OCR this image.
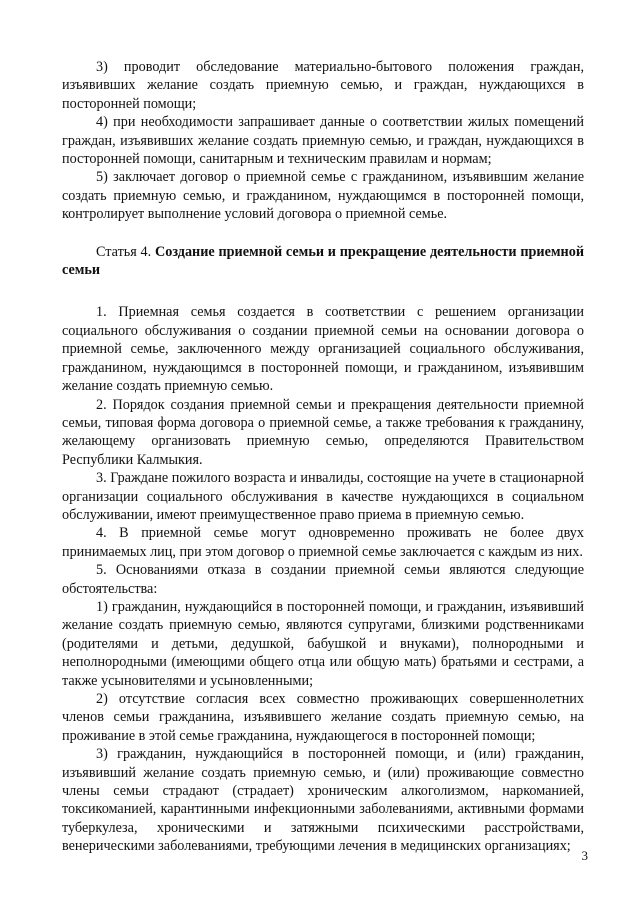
3) проводит обследование материально-бытового положения граждан, изъявивших желание создать приемную семью, и граждан, нуждающихся в посторонней помощи;

4) при необходимости запрашивает данные о соответствии жилых помещений граждан, изъявивших желание создать приемную семью, и граждан, нуждающихся в посторонней помощи, санитарным и техническим правилам и нормам;

5) заключает договор о приемной семье с гражданином, изъявившим желание создать приемную семью, и гражданином, нуждающимся в посторонней помощи, контролирует выполнение условий договора о приемной семье.

Статья 4. Создание приемной семьи и прекращение деятельности приемной семьи

1. Приемная семья создается в соответствии с решением организации социального обслуживания о создании приемной семьи на основании договора о приемной семье, заключенного между организацией социального обслуживания, гражданином, нуждающимся в посторонней помощи, и гражданином, изъявившим желание создать приемную семью.

2. Порядок создания приемной семьи и прекращения деятельности приемной семьи, типовая форма договора о приемной семье, а также требования к гражданину, желающему организовать приемную семью, определяются Правительством Республики Калмыкия.

3. Граждане пожилого возраста и инвалиды, состоящие на учете в стационарной организации социального обслуживания в качестве нуждающихся в социальном обслуживании, имеют преимущественное право приема в приемную семью.

4. В приемной семье могут одновременно проживать не более двух принимаемых лиц, при этом договор о приемной семье заключается с каждым из них.

5. Основаниями отказа в создании приемной семьи являются следующие обстоятельства:

1) гражданин, нуждающийся в посторонней помощи, и гражданин, изъявивший желание создать приемную семью, являются супругами, близкими родственниками (родителями и детьми, дедушкой, бабушкой и внуками), полнородными и неполнородными (имеющими общего отца или общую мать) братьями и сестрами, а также усыновителями и усыновленными;

2) отсутствие согласия всех совместно проживающих совершеннолетних членов семьи гражданина, изъявившего желание создать приемную семью, на проживание в этой семье гражданина, нуждающегося в посторонней помощи;

3) гражданин, нуждающийся в посторонней помощи, и (или) гражданин, изъявивший желание создать приемную семью, и (или) проживающие совместно члены семьи страдают (страдает) хроническим алкоголизмом, наркоманией, токсикоманией, карантинными инфекционными заболеваниями, активными формами туберкулеза, хроническими и затяжными психическими расстройствами, венерическими заболеваниями, требующими лечения в медицинских организациях;

3
